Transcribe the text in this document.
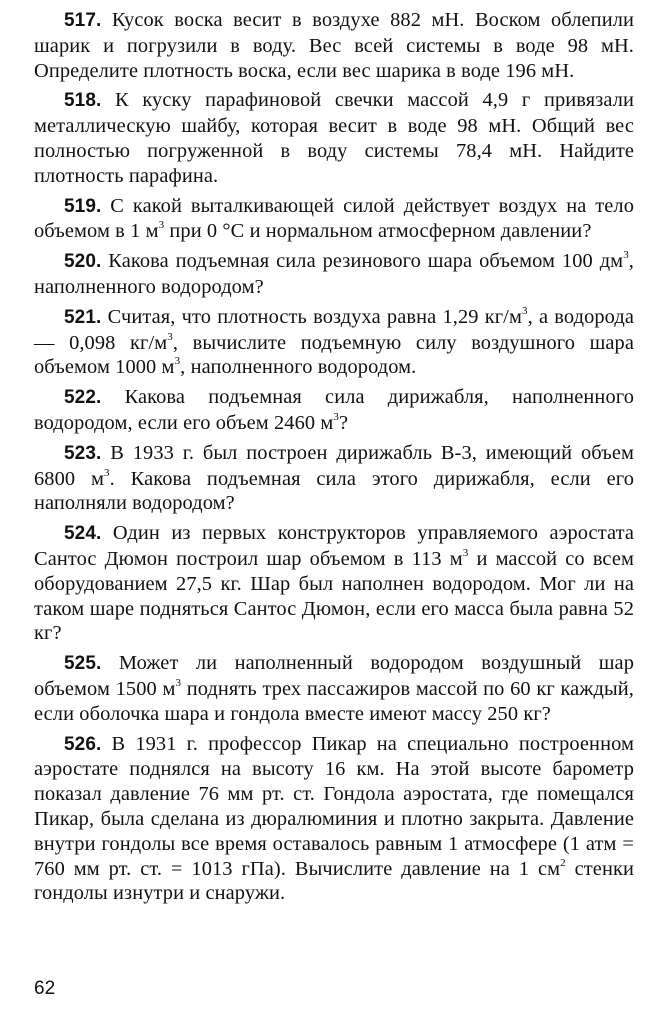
517. Кусок воска весит в воздухе 882 мН. Воском облепили шарик и погрузили в воду. Вес всей системы в воде 98 мН. Определите плотность воска, если вес шарика в воде 196 мН.

518. К куску парафиновой свечки массой 4,9 г привязали металлическую шайбу, которая весит в воде 98 мН. Общий вес полностью погруженной в воду системы 78,4 мН. Найдите плотность парафина.

519. С какой выталкивающей силой действует воздух на тело объемом в 1 $м^3$ при 0 °С и нормальном атмосферном давлении?

520. Какова подъемная сила резинового шара объемом 100 $дм^3$, наполненного водородом?

521. Считая, что плотность воздуха равна 1,29 $кг/м^3$, а водорода — 0,098 $кг/м^3$, вычислите подъемную силу воздушного шара объемом 1000 $м^3$, наполненного водородом.

522. Какова подъемная сила дирижабля, наполненного водородом, если его объем 2460 $м^3$?

523. В 1933 г. был построен дирижабль В-3, имеющий объем 6800 $м^3$. Какова подъемная сила этого дирижабля, если его наполняли водородом?

524. Один из первых конструкторов управляемого аэростата Сантос Дюмон построил шар объемом в 113 $м^3$ и массой со всем оборудованием 27,5 кг. Шар был наполнен водородом. Мог ли на таком шаре подняться Сантос Дюмон, если его масса была равна 52 кг?

525. Может ли наполненный водородом воздушный шар объемом 1500 $м^3$ поднять трех пассажиров массой по 60 кг каждый, если оболочка шара и гондола вместе имеют массу 250 кг?

526. В 1931 г. профессор Пикар на специально построенном аэростате поднялся на высоту 16 км. На этой высоте барометр показал давление 76 мм рт. ст. Гондола аэростата, где помещался Пикар, была сделана из дюралюминия и плотно закрыта. Давление внутри гондолы все время оставалось равным 1 атмосфере (1 атм = 760 мм рт. ст. = 1013 гПа). Вычислите давление на 1 $см^2$ стенки гондолы изнутри и снаружи.

62
